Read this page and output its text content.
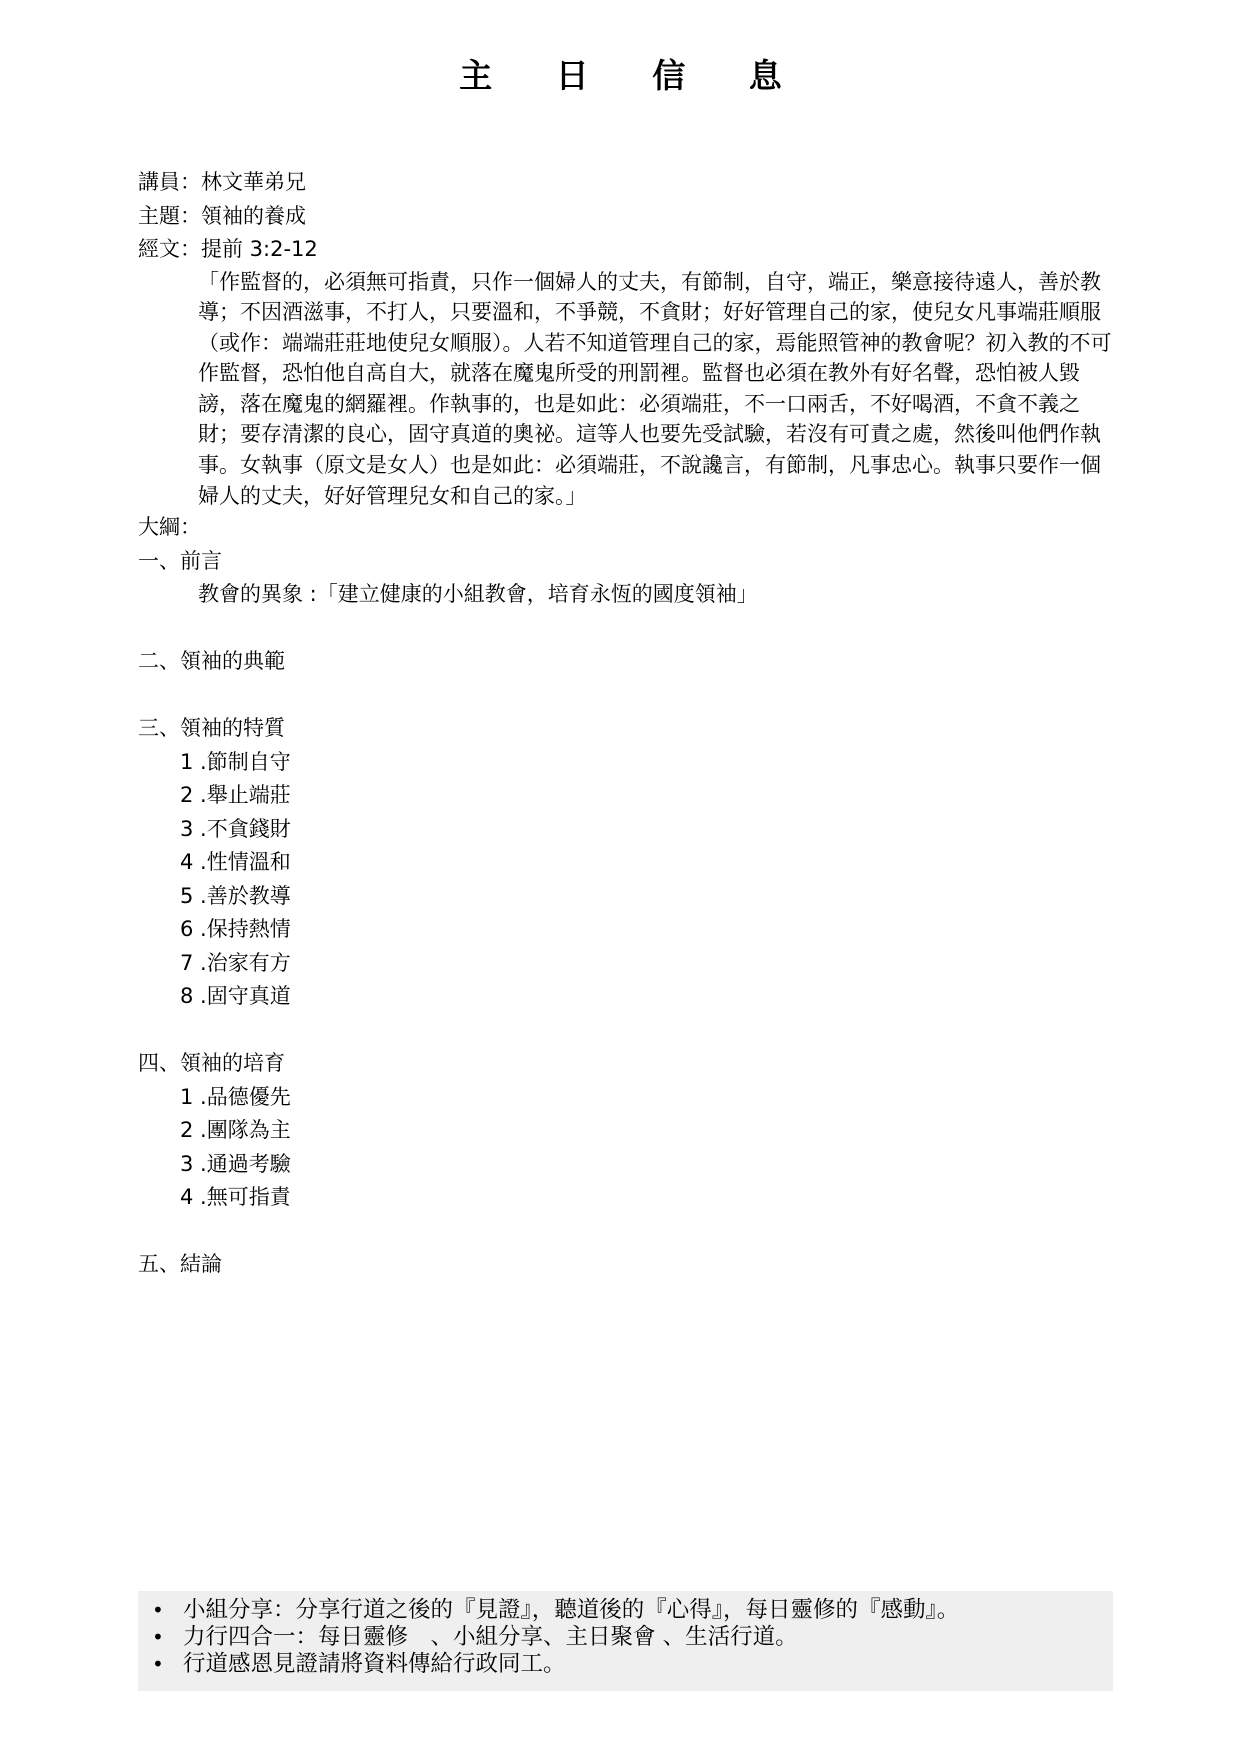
主 日 信 息
講員：林文華弟兄
主題：領袖的養成
經文：提前 3:2-12
「作監督的，必須無可指責，只作一個婦人的丈夫，有節制，自守，端正，樂意接待遠人，善於教導；不因酒滋事，不打人，只要溫和，不爭競，不貪財；好好管理自己的家，使兒女凡事端莊順服（或作：端端莊莊地使兒女順服）。人若不知道管理自己的家，焉能照管神的教會呢？初入教的不可作監督，恐怕他自高自大，就落在魔鬼所受的刑罰裡。監督也必須在教外有好名聲，恐怕被人毀謗，落在魔鬼的網羅裡。作執事的，也是如此：必須端莊，不一口兩舌，不好喝酒，不貪不義之財；要存清潔的良心，固守真道的奧祕。這等人也要先受試驗，若沒有可責之處，然後叫他們作執事。女執事（原文是女人）也是如此：必須端莊，不說讒言，有節制，凡事忠心。執事只要作一個婦人的丈夫，好好管理兒女和自己的家。」
大綱：
一、前言
教會的異象 :「建立健康的小組教會，培育永恆的國度領袖」
二、領袖的典範
三、領袖的特質
1 .節制自守
2 .舉止端莊
3 .不貪錢財
4 .性情溫和
5 .善於教導
6 .保持熱情
7 .治家有方
8 .固守真道
四、領袖的培育
1 .品德優先
2 .團隊為主
3 .通過考驗
4 .無可指責
五、結論
• 小組分享：分享行道之後的『見證』，聽道後的『心得』，每日靈修的『感動』。
• 力行四合一：每日靈修　、小組分享、主日聚會 、生活行道。
• 行道感恩見證請將資料傳給行政同工。
